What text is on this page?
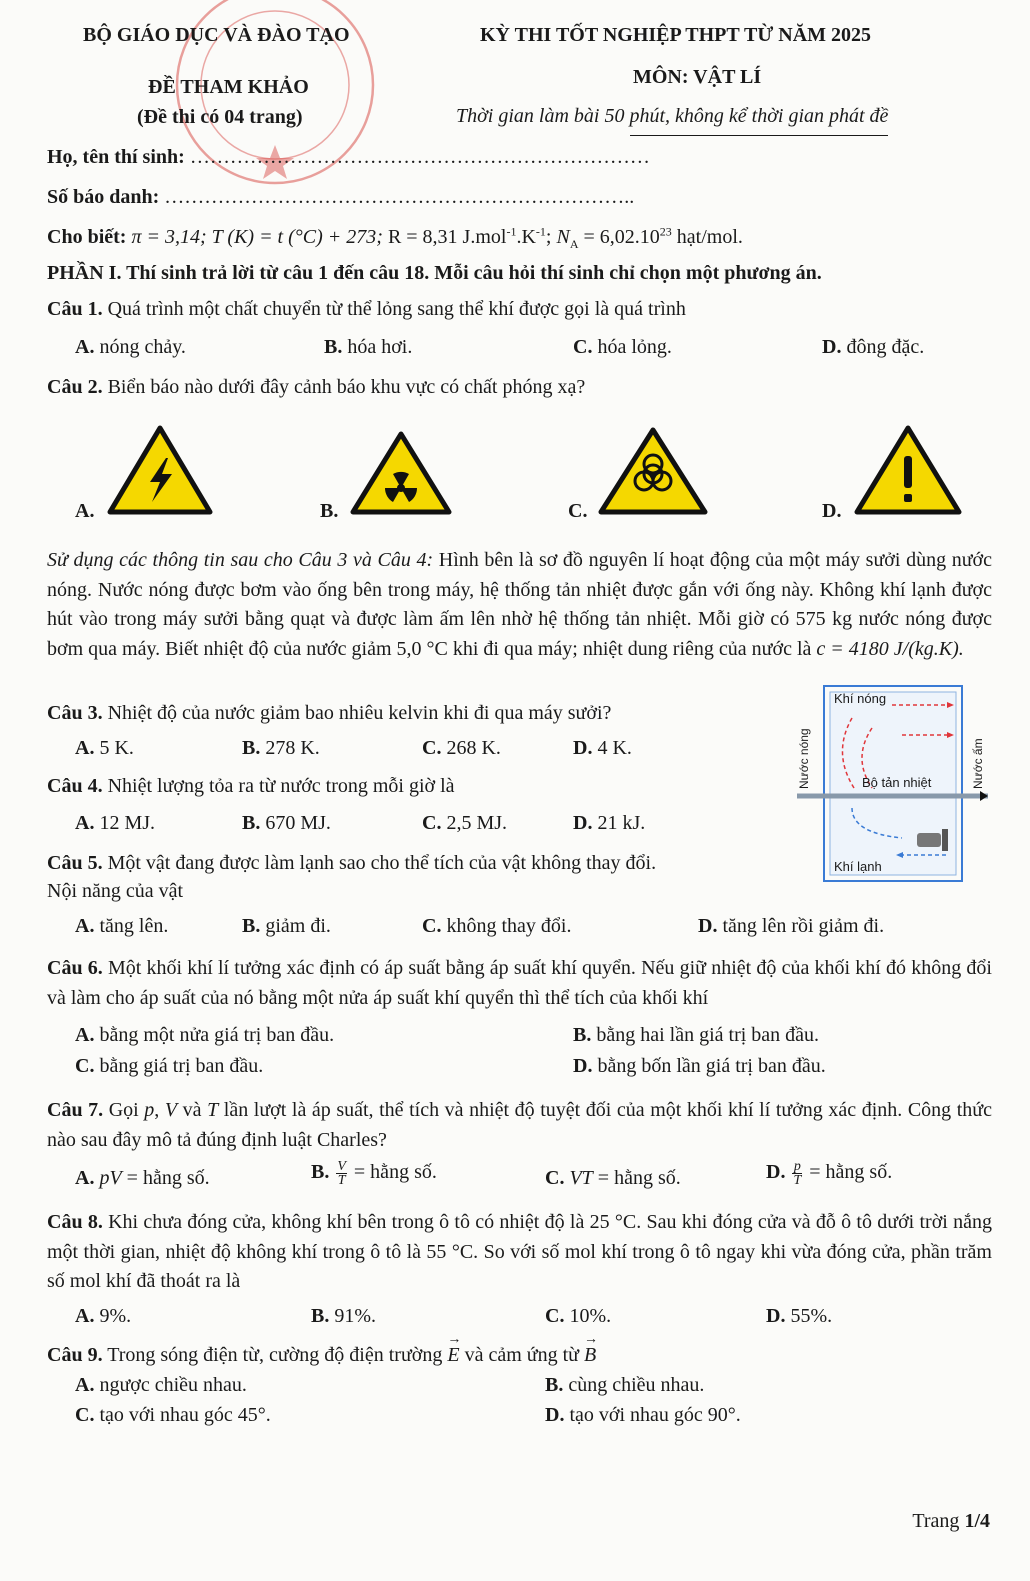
BỘ GIÁO DỤC VÀ ĐÀO TẠO	KỲ THI TỐT NGHIỆP THPT TỪ NĂM 2025
ĐỀ THAM KHẢO	MÔN: VẬT LÍ
(Đề thi có 04 trang)	Thời gian làm bài 50 phút, không kể thời gian phát đề
Họ, tên thí sinh: ……………………………………………………………
Số báo danh: ……………………………………………………………..
Cho biết: π = 3,14; T (K) = t (°C) + 273; R = 8,31 $J.mol^{-1}.K^{-1}$; $N_A = 6,02.10^{23}$ hạt/mol.
PHẦN I. Thí sinh trả lời từ câu 1 đến câu 18. Mỗi câu hỏi thí sinh chỉ chọn một phương án.
Câu 1. Quá trình một chất chuyển từ thể lỏng sang thể khí được gọi là quá trình
A. nóng chảy.	B. hóa hơi.	C. hóa lỏng.	D. đông đặc.
Câu 2. Biển báo nào dưới đây cảnh báo khu vực có chất phóng xạ?
A.	B.	C.	D.
Sử dụng các thông tin sau cho Câu 3 và Câu 4: Hình bên là sơ đồ nguyên lí hoạt động của một máy sưởi dùng nước nóng. Nước nóng được bơm vào ống bên trong máy, hệ thống tản nhiệt được gắn với ống này. Không khí lạnh được hút vào trong máy sưởi bằng quạt và được làm ấm lên nhờ hệ thống tản nhiệt. Mỗi giờ có 575 kg nước nóng được bơm qua máy. Biết nhiệt độ của nước giảm 5,0 °C khi đi qua máy; nhiệt dung riêng của nước là c = 4180 J/(kg.K).
Khí nóng
Khí lạnh
Bộ tản nhiệt
Nước nóng	Nước ấm
Câu 3. Nhiệt độ của nước giảm bao nhiêu kelvin khi đi qua máy sưởi?
A. 5 K.	B. 278 K.	C. 268 K.	D. 4 K.
Câu 4. Nhiệt lượng tỏa ra từ nước trong mỗi giờ là
A. 12 MJ.	B. 670 MJ.	C. 2,5 MJ.	D. 21 kJ.
Câu 5. Một vật đang được làm lạnh sao cho thể tích của vật không thay đổi.
Nội năng của vật
A. tăng lên.	B. giảm đi.	C. không thay đổi.	D. tăng lên rồi giảm đi.
Câu 6. Một khối khí lí tưởng xác định có áp suất bằng áp suất khí quyển. Nếu giữ nhiệt độ của khối khí đó không đổi và làm cho áp suất của nó bằng một nửa áp suất khí quyển thì thể tích của khối khí
A. bằng một nửa giá trị ban đầu.	B. bằng hai lần giá trị ban đầu.
C. bằng giá trị ban đầu.	D. bằng bốn lần giá trị ban đầu.
Câu 7. Gọi p, V và T lần lượt là áp suất, thể tích và nhiệt độ tuyệt đối của một khối khí lí tưởng xác định. Công thức nào sau đây mô tả đúng định luật Charles?
A. pV = hằng số.	B. $\frac{V}{T}$ = hằng số.	C. VT = hằng số.	D. $\frac{p}{T}$ = hằng số.
Câu 8. Khi chưa đóng cửa, không khí bên trong ô tô có nhiệt độ là 25 °C. Sau khi đóng cửa và đỗ ô tô dưới trời nắng một thời gian, nhiệt độ không khí trong ô tô là 55 °C. So với số mol khí trong ô tô ngay khi vừa đóng cửa, phần trăm số mol khí đã thoát ra là
A. 9%.	B. 91%.	C. 10%.	D. 55%.
Câu 9. Trong sóng điện từ, cường độ điện trường
→
E và cảm ứng từ
→
B
A. ngược chiều nhau.	B. cùng chiều nhau.
C. tạo với nhau góc 45°.	D. tạo với nhau góc 90°.
Trang 1/4
